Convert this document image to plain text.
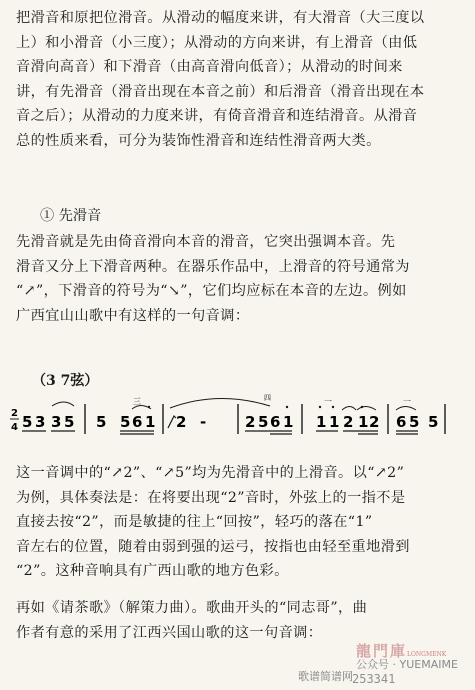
把滑音和原把位滑音。从滑动的幅度来讲，有大滑音（大三度以
上）和小滑音（小三度）；从滑动的方向来讲，有上滑音（由低
音滑向高音）和下滑音（由高音滑向低音）；从滑动的时间来
讲，有先滑音（滑音出现在本音之前）和后滑音（滑音出现在本
音之后）；从滑动的力度来讲，有倚音滑音和连结滑音。从滑音
总的性质来看，可分为装饰性滑音和连结性滑音两大类。
① 先滑音
先滑音就是先由倚音滑向本音的滑音，它突出强调本音。先
滑音又分上下滑音两种。在器乐作品中，上滑音的符号通常为
“↗”，下滑音的符号为“↘”，它们均应标在本音的左边。例如
广西宜山山歌中有这样的一句音调：
（3 7弦）
2
4 5 3 3 5 5 5 6 1
三
2 -
四
2 5 6 1
一
1 1 2 1 2
一
6 5 5
这一音调中的“↗2”、“↗5”均为先滑音中的上滑音。以“↗2”
为例，具体奏法是：在将要出现“2”音时，外弦上的一指不是
直接去按“2”，而是敏捷的往上“回按”，轻巧的落在“1”
音左右的位置，随着由弱到强的运弓，按指也由轻至重地滑到
“2”。这种音响具有广西山歌的地方色彩。
再如《请茶歌》（解策力曲）。歌曲开头的“同志哥”，曲
作者有意的采用了江西兴国山歌的这一句音调：
龍門庫LONGMENK
公众号 · YUEMAIME
歌谱简谱网 253341
